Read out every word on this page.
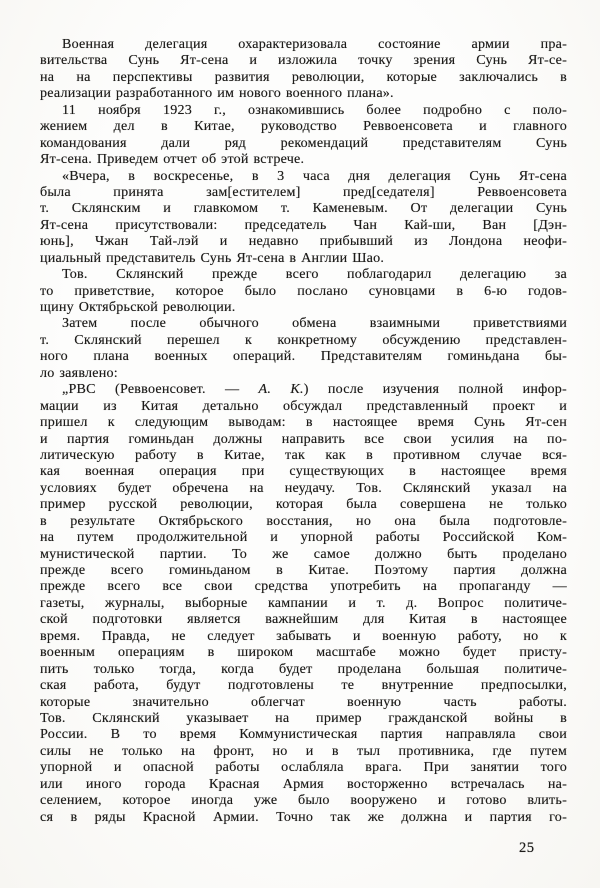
Военная делегация охарактеризовала состояние армии пра-
вительства Сунь Ят-сена и изложила точку зрения Сунь Ят-се-
на на перспективы развития революции, которые заключались в
реализации разработанного им нового военного плана».
11 ноября 1923 г., ознакомившись более подробно с поло-
жением дел в Китае, руководство Реввоенсовета и главного
командования дали ряд рекомендаций представителям Сунь
Ят-сена. Приведем отчет об этой встрече.
«Вчера, в воскресенье, в 3 часа дня делегация Сунь Ят-сена
была принята зам[естителем] пред[седателя] Реввоенсовета
т. Склянским и главкомом т. Каменевым. От делегации Сунь
Ят-сена присутствовали: председатель Чан Кай-ши, Ван [Дэн-
юнь], Чжан Тай-лэй и недавно прибывший из Лондона неофи-
циальный представитель Сунь Ят-сена в Англии Шао.
Тов. Склянский прежде всего поблагодарил делегацию за
то приветствие, которое было послано суновцами в 6-ю годов-
щину Октябрьской революции.
Затем после обычного обмена взаимными приветствиями
т. Склянский перешел к конкретному обсуждению представлен-
ного плана военных операций. Представителям гоминьдана бы-
ло заявлено:
„РВС (Реввоенсовет. — А. К.) после изучения полной инфор-
мации из Китая детально обсуждал представленный проект и
пришел к следующим выводам: в настоящее время Сунь Ят-сен
и партия гоминьдан должны направить все свои усилия на по-
литическую работу в Китае, так как в противном случае вся-
кая военная операция при существующих в настоящее время
условиях будет обречена на неудачу. Тов. Склянский указал на
пример русской революции, которая была совершена не только
в результате Октябрьского восстания, но она была подготовле-
на путем продолжительной и упорной работы Российской Ком-
мунистической партии. То же самое должно быть проделано
прежде всего гоминьданом в Китае. Поэтому партия должна
прежде всего все свои средства употребить на пропаганду —
газеты, журналы, выборные кампании и т. д. Вопрос политиче-
ской подготовки является важнейшим для Китая в настоящее
время. Правда, не следует забывать и военную работу, но к
военным операциям в широком масштабе можно будет присту-
пить только тогда, когда будет проделана большая политиче-
ская работа, будут подготовлены те внутренние предпосылки,
которые значительно облегчат военную часть работы.
Тов. Склянский указывает на пример гражданской войны в
России. В то время Коммунистическая партия направляла свои
силы не только на фронт, но и в тыл противника, где путем
упорной и опасной работы ослабляла врага. При занятии того
или иного города Красная Армия восторженно встречалась на-
селением, которое иногда уже было вооружено и готово влить-
ся в ряды Красной Армии. Точно так же должна и партия го-
25
